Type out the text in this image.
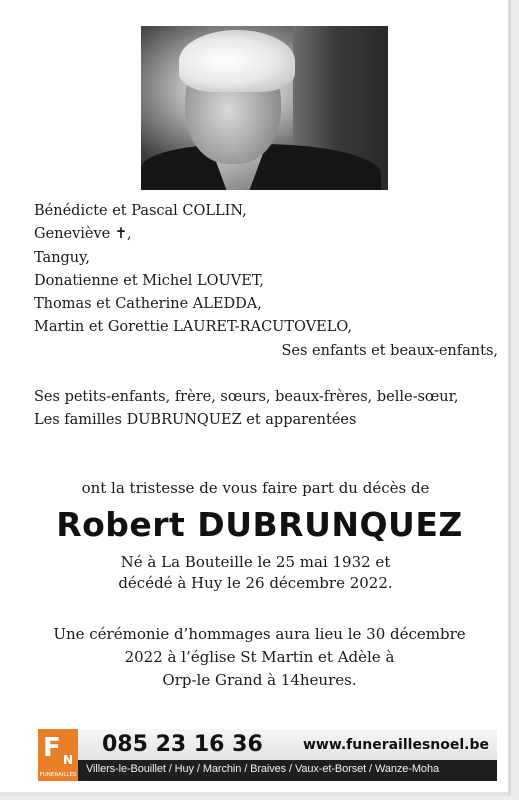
Bénédicte et Pascal COLLIN,
Geneviève ✝,
Tanguy,
Donatienne et Michel LOUVET,
Thomas et Catherine ALEDDA,
Martin et Gorettie LAURET-RACUTOVELO,
Ses enfants et beaux-enfants,
Ses petits-enfants, frère, sœurs, beaux-frères, belle-sœur,
Les familles DUBRUNQUEZ et apparentées
ont la tristesse de vous faire part du décès de
Robert DUBRUNQUEZ
Né à La Bouteille le 25 mai 1932 et
décédé à Huy le 26 décembre 2022.
Une cérémonie d’hommages aura lieu le 30 décembre
2022 à l’église St Martin et Adèle à
Orp-le Grand à 14heures.
F N
FUNERAILLES
085 23 16 36	www.funeraillesnoel.be
Villers-le-Bouillet / Huy / Marchin / Braives / Vaux-et-Borset / Wanze-Moha
